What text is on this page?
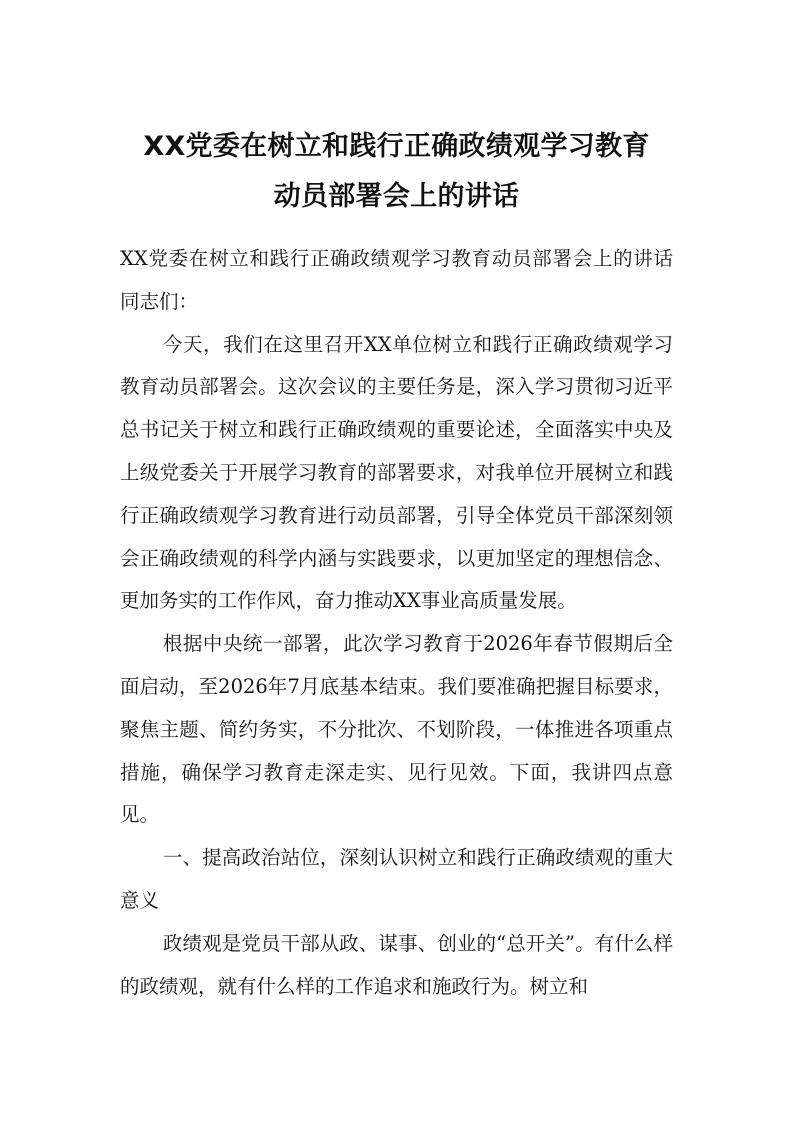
XX党委在树立和践行正确政绩观学习教育
动员部署会上的讲话

XX党委在树立和践行正确政绩观学习教育动员部署会上的讲话同志们：

今天，我们在这里召开XX单位树立和践行正确政绩观学习教育动员部署会。这次会议的主要任务是，深入学习贯彻习近平总书记关于树立和践行正确政绩观的重要论述，全面落实中央及上级党委关于开展学习教育的部署要求，对我单位开展树立和践行正确政绩观学习教育进行动员部署，引导全体党员干部深刻领会正确政绩观的科学内涵与实践要求，以更加坚定的理想信念、更加务实的工作作风，奋力推动XX事业高质量发展。

根据中央统一部署，此次学习教育于2026年春节假期后全面启动，至2026年7月底基本结束。我们要准确把握目标要求，聚焦主题、简约务实，不分批次、不划阶段，一体推进各项重点措施，确保学习教育走深走实、见行见效。下面，我讲四点意见。

一、提高政治站位，深刻认识树立和践行正确政绩观的重大意义

政绩观是党员干部从政、谋事、创业的“总开关”。有什么样的政绩观，就有什么样的工作追求和施政行为。树立和
